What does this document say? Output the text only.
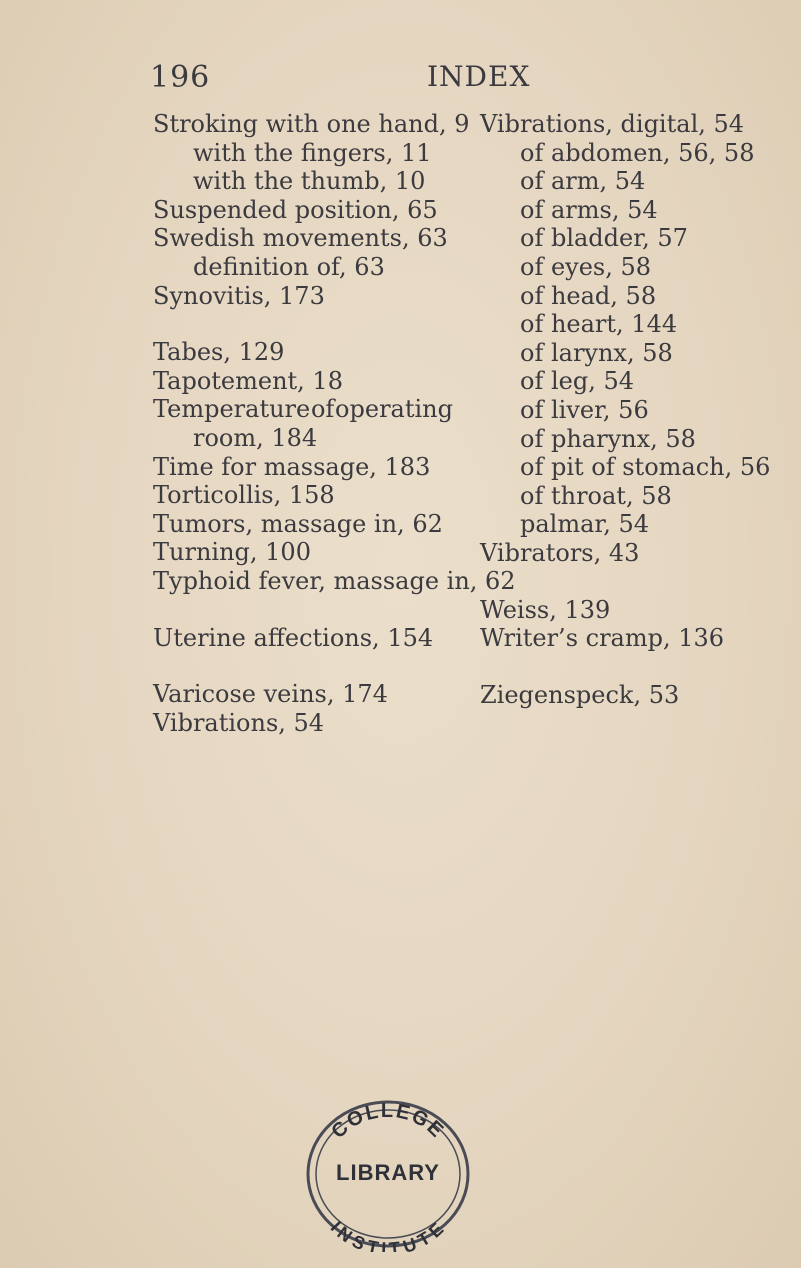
196	INDEX
Stroking with one hand, 9
with the fingers, 11
with the thumb, 10
Suspended position, 65
Swedish movements, 63
definition of, 63
Synovitis, 173
Tabes, 129
Tapotement, 18
Temperature of operating
room, 184
Time for massage, 183
Torticollis, 158
Tumors, massage in, 62
Turning, 100
Typhoid fever, massage in, 62
Uterine affections, 154
Varicose veins, 174
Vibrations, 54
Vibrations, digital, 54
of abdomen, 56, 58
of arm, 54
of arms, 54
of bladder, 57
of eyes, 58
of head, 58
of heart, 144
of larynx, 58
of leg, 54
of liver, 56
of pharynx, 58
of pit of stomach, 56
of throat, 58
palmar, 54
Vibrators, 43
Weiss, 139
Writer’s cramp, 136
Ziegenspeck, 53
COLLEGE
INSTITUTE
LIBRARY
